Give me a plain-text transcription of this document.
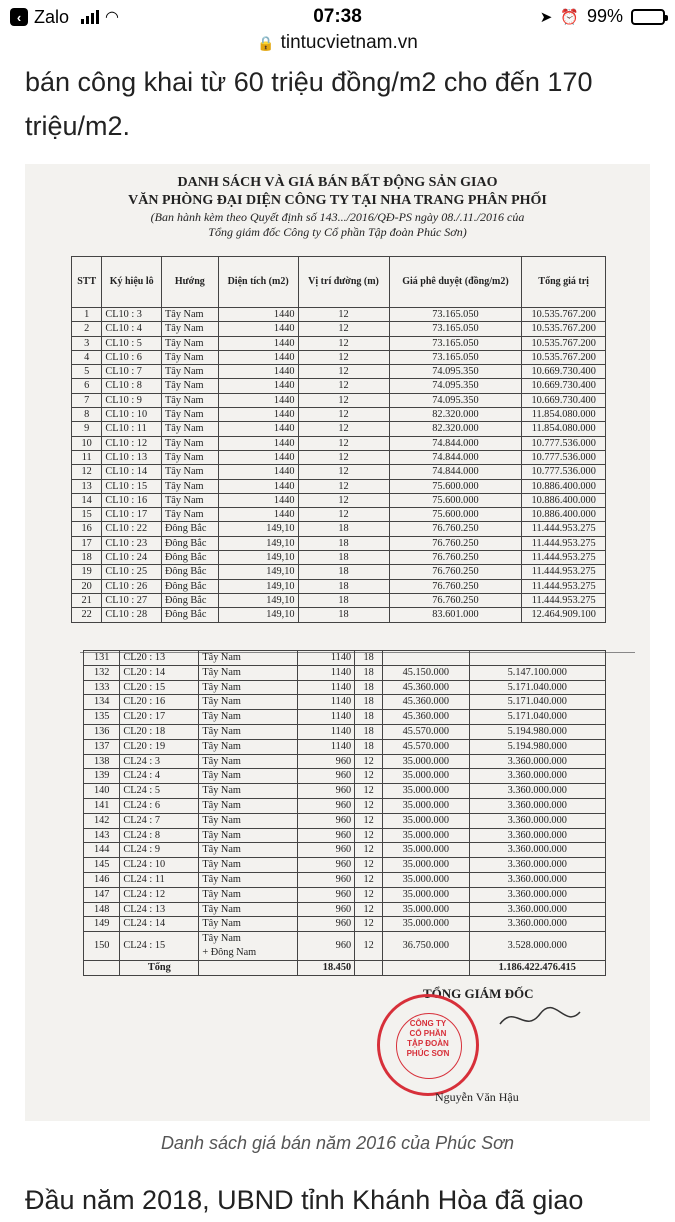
‹ Zalo ◠	07:38	➤ ⏰ 99%
🔒 tintucvietnam.vn
bán công khai từ 60 triệu đồng/m2 cho đến 170 triệu/m2.
DANH SÁCH VÀ GIÁ BÁN BẤT ĐỘNG SẢN GIAO
VĂN PHÒNG ĐẠI DIỆN CÔNG TY TẠI NHA TRANG PHÂN PHỐI
(Ban hành kèm theo Quyết định số 143.../2016/QĐ-PS ngày 08./.11./2016 của
Tổng giám đốc Công ty Cổ phần Tập đoàn Phúc Sơn)
STT	Ký hiệu lô	Hướng	Diện tích (m2)	Vị trí đường (m)	Giá phê duyệt (đồng/m2)	Tổng giá trị
1	CL10 : 3	Tây Nam	1440	12	73.165.050	10.535.767.200
2	CL10 : 4	Tây Nam	1440	12	73.165.050	10.535.767.200
3	CL10 : 5	Tây Nam	1440	12	73.165.050	10.535.767.200
4	CL10 : 6	Tây Nam	1440	12	73.165.050	10.535.767.200
5	CL10 : 7	Tây Nam	1440	12	74.095.350	10.669.730.400
6	CL10 : 8	Tây Nam	1440	12	74.095.350	10.669.730.400
7	CL10 : 9	Tây Nam	1440	12	74.095.350	10.669.730.400
8	CL10 : 10	Tây Nam	1440	12	82.320.000	11.854.080.000
9	CL10 : 11	Tây Nam	1440	12	82.320.000	11.854.080.000
10	CL10 : 12	Tây Nam	1440	12	74.844.000	10.777.536.000
11	CL10 : 13	Tây Nam	1440	12	74.844.000	10.777.536.000
12	CL10 : 14	Tây Nam	1440	12	74.844.000	10.777.536.000
13	CL10 : 15	Tây Nam	1440	12	75.600.000	10.886.400.000
14	CL10 : 16	Tây Nam	1440	12	75.600.000	10.886.400.000
15	CL10 : 17	Tây Nam	1440	12	75.600.000	10.886.400.000
16	CL10 : 22	Đông Bắc	149,10	18	76.760.250	11.444.953.275
17	CL10 : 23	Đông Bắc	149,10	18	76.760.250	11.444.953.275
18	CL10 : 24	Đông Bắc	149,10	18	76.760.250	11.444.953.275
19	CL10 : 25	Đông Bắc	149,10	18	76.760.250	11.444.953.275
20	CL10 : 26	Đông Bắc	149,10	18	76.760.250	11.444.953.275
21	CL10 : 27	Đông Bắc	149,10	18	76.760.250	11.444.953.275
22	CL10 : 28	Đông Bắc	149,10	18	83.601.000	12.464.909.100
131	CL20 : 13	Tây Nam	1140	18		
132	CL20 : 14	Tây Nam	1140	18	45.150.000	5.147.100.000
133	CL20 : 15	Tây Nam	1140	18	45.360.000	5.171.040.000
134	CL20 : 16	Tây Nam	1140	18	45.360.000	5.171.040.000
135	CL20 : 17	Tây Nam	1140	18	45.360.000	5.171.040.000
136	CL20 : 18	Tây Nam	1140	18	45.570.000	5.194.980.000
137	CL20 : 19	Tây Nam	1140	18	45.570.000	5.194.980.000
138	CL24 : 3	Tây Nam	960	12	35.000.000	3.360.000.000
139	CL24 : 4	Tây Nam	960	12	35.000.000	3.360.000.000
140	CL24 : 5	Tây Nam	960	12	35.000.000	3.360.000.000
141	CL24 : 6	Tây Nam	960	12	35.000.000	3.360.000.000
142	CL24 : 7	Tây Nam	960	12	35.000.000	3.360.000.000
143	CL24 : 8	Tây Nam	960	12	35.000.000	3.360.000.000
144	CL24 : 9	Tây Nam	960	12	35.000.000	3.360.000.000
145	CL24 : 10	Tây Nam	960	12	35.000.000	3.360.000.000
146	CL24 : 11	Tây Nam	960	12	35.000.000	3.360.000.000
147	CL24 : 12	Tây Nam	960	12	35.000.000	3.360.000.000
148	CL24 : 13	Tây Nam	960	12	35.000.000	3.360.000.000
149	CL24 : 14	Tây Nam	960	12	35.000.000	3.360.000.000
150	CL24 : 15	Tây Nam
+ Đông Nam	960	12	36.750.000	3.528.000.000
	Tổng		18.450			1.186.422.476.415
TỔNG GIÁM ĐỐC
CÔNG TY
CỔ PHẦN
TẬP ĐOÀN
PHÚC SƠN
Nguyễn Văn Hậu
Danh sách giá bán năm 2016 của Phúc Sơn
Đầu năm 2018, UBND tỉnh Khánh Hòa đã giao
